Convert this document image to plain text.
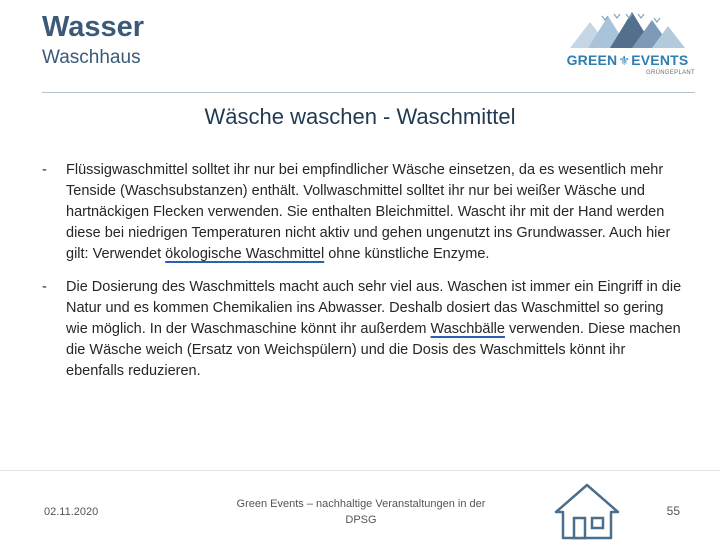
Wasser
Waschhaus	GREEN⚜EVENTS
GRÜNGEPLANT
Wäsche waschen - Waschmittel
- Flüssigwaschmittel solltet ihr nur bei empfindlicher Wäsche einsetzen, da es wesentlich mehr Tenside (Waschsubstanzen) enthält. Vollwaschmittel solltet ihr nur bei weißer Wäsche und hartnäckigen Flecken verwenden. Sie enthalten Bleichmittel. Wascht ihr mit der Hand werden diese bei niedrigen Temperaturen nicht aktiv und gehen ungenutzt ins Grundwasser. Auch hier gilt: Verwendet ökologische Waschmittel ohne künstliche Enzyme.
- Die Dosierung des Waschmittels macht auch sehr viel aus. Waschen ist immer ein Eingriff in die Natur und es kommen Chemikalien ins Abwasser. Deshalb dosiert das Waschmittel so gering wie möglich. In der Waschmaschine könnt ihr außerdem Waschbälle verwenden. Diese machen die Wäsche weich (Ersatz von Weichspülern) und die Dosis des Waschmittels könnt ihr ebenfalls reduzieren.
02.11.2020
Green Events – nachhaltige Veranstaltungen in der DPSG
55
